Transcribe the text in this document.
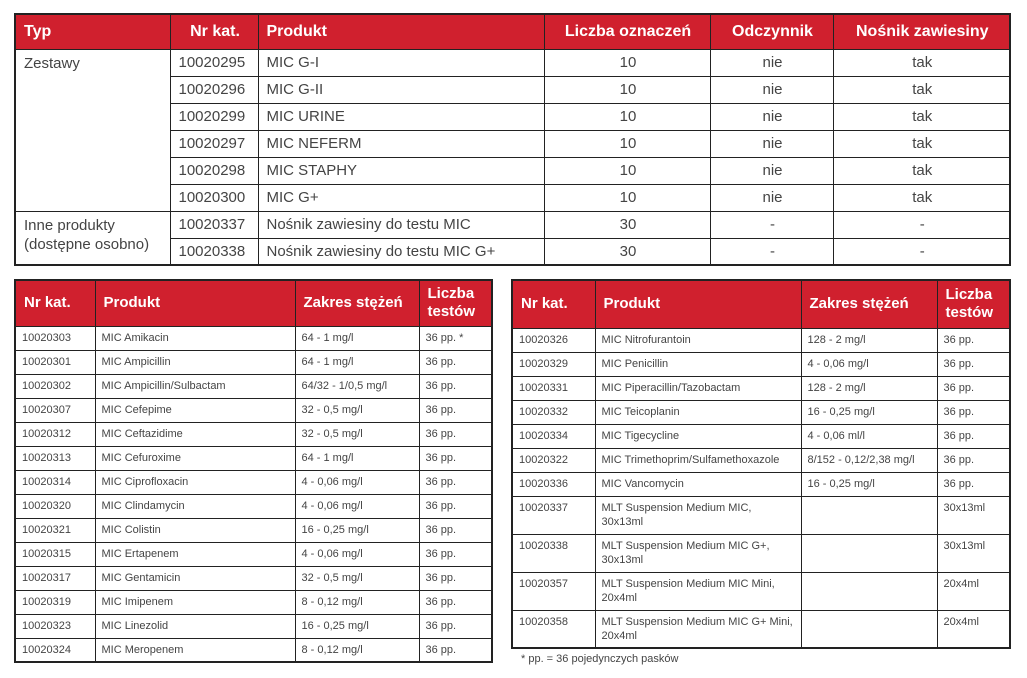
Typ	Nr kat.	Produkt	Liczba oznaczeń	Odczynnik	Nośnik zawiesiny
Zestawy	10020295	MIC G-I	10	nie	tak
	10020296	MIC G-II	10	nie	tak
	10020299	MIC URINE	10	nie	tak
	10020297	MIC NEFERM	10	nie	tak
	10020298	MIC STAPHY	10	nie	tak
	10020300	MIC G+	10	nie	tak
Inne produkty (dostępne osobno)	10020337	Nośnik zawiesiny do testu MIC	30	-	-
	10020338	Nośnik zawiesiny do testu MIC G+	30	-	-
Nr kat.	Produkt	Zakres stężeń	Liczba testów
10020303	MIC Amikacin	64 - 1 mg/l	36 pp. *
10020301	MIC Ampicillin	64 - 1 mg/l	36 pp.
10020302	MIC Ampicillin/Sulbactam	64/32 - 1/0,5 mg/l	36 pp.
10020307	MIC Cefepime	32 - 0,5 mg/l	36 pp.
10020312	MIC Ceftazidime	32 - 0,5 mg/l	36 pp.
10020313	MIC Cefuroxime	64 - 1 mg/l	36 pp.
10020314	MIC Ciprofloxacin	4 - 0,06 mg/l	36 pp.
10020320	MIC Clindamycin	4 - 0,06 mg/l	36 pp.
10020321	MIC Colistin	16 - 0,25 mg/l	36 pp.
10020315	MIC Ertapenem	4 - 0,06 mg/l	36 pp.
10020317	MIC Gentamicin	32 - 0,5 mg/l	36 pp.
10020319	MIC Imipenem	8 - 0,12 mg/l	36 pp.
10020323	MIC Linezolid	16 - 0,25 mg/l	36 pp.
10020324	MIC Meropenem	8 - 0,12 mg/l	36 pp.
Nr kat.	Produkt	Zakres stężeń	Liczba testów
10020326	MIC Nitrofurantoin	128 - 2 mg/l	36 pp.
10020329	MIC Penicillin	4 - 0,06 mg/l	36 pp.
10020331	MIC Piperacillin/Tazobactam	128 - 2 mg/l	36 pp.
10020332	MIC Teicoplanin	16 - 0,25 mg/l	36 pp.
10020334	MIC Tigecycline	4 - 0,06 ml/l	36 pp.
10020322	MIC Trimethoprim/Sulfamethoxazole	8/152 - 0,12/2,38 mg/l	36 pp.
10020336	MIC Vancomycin	16 - 0,25 mg/l	36 pp.
10020337	MLT Suspension Medium MIC, 30x13ml		30x13ml
10020338	MLT Suspension Medium MIC G+, 30x13ml		30x13ml
10020357	MLT Suspension Medium MIC Mini, 20x4ml		20x4ml
10020358	MLT Suspension Medium MIC G+ Mini, 20x4ml		20x4ml
* pp. = 36 pojedynczych pasków
